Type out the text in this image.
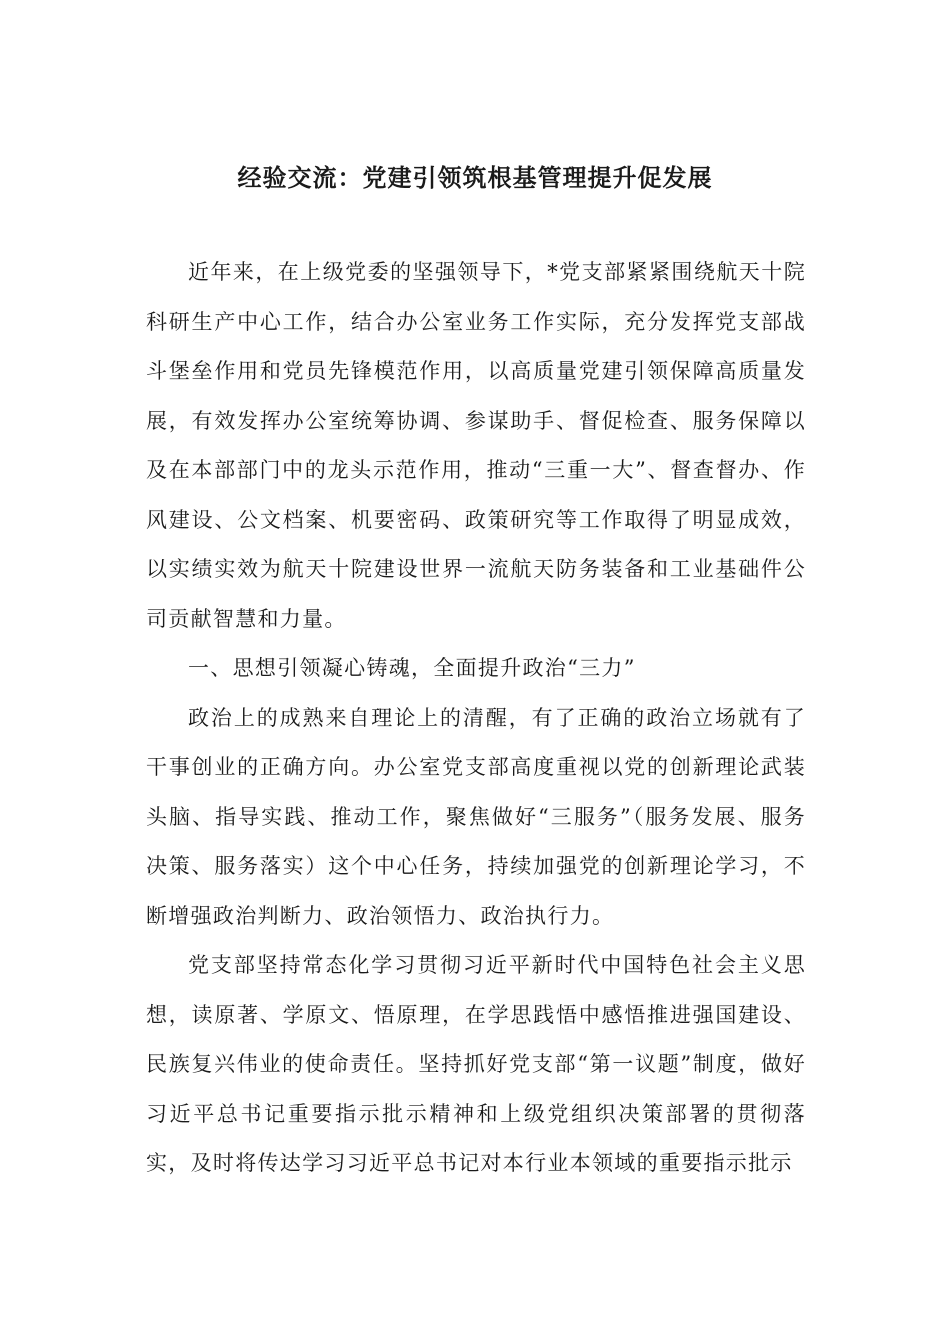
经验交流：党建引领筑根基管理提升促发展

近年来，在上级党委的坚强领导下，*党支部紧紧围绕航天十院科研生产中心工作，结合办公室业务工作实际，充分发挥党支部战斗堡垒作用和党员先锋模范作用，以高质量党建引领保障高质量发展，有效发挥办公室统筹协调、参谋助手、督促检查、服务保障以及在本部部门中的龙头示范作用，推动“三重一大”、督查督办、作风建设、公文档案、机要密码、政策研究等工作取得了明显成效，以实绩实效为航天十院建设世界一流航天防务装备和工业基础件公司贡献智慧和力量。

一、思想引领凝心铸魂，全面提升政治“三力”

政治上的成熟来自理论上的清醒，有了正确的政治立场就有了干事创业的正确方向。办公室党支部高度重视以党的创新理论武装头脑、指导实践、推动工作，聚焦做好“三服务”（服务发展、服务决策、服务落实）这个中心任务，持续加强党的创新理论学习，不断增强政治判断力、政治领悟力、政治执行力。

党支部坚持常态化学习贯彻习近平新时代中国特色社会主义思想，读原著、学原文、悟原理，在学思践悟中感悟推进强国建设、民族复兴伟业的使命责任。坚持抓好党支部“第一议题”制度，做好习近平总书记重要指示批示精神和上级党组织决策部署的贯彻落实，及时将传达学习习近平总书记对本行业本领域的重要指示批示
